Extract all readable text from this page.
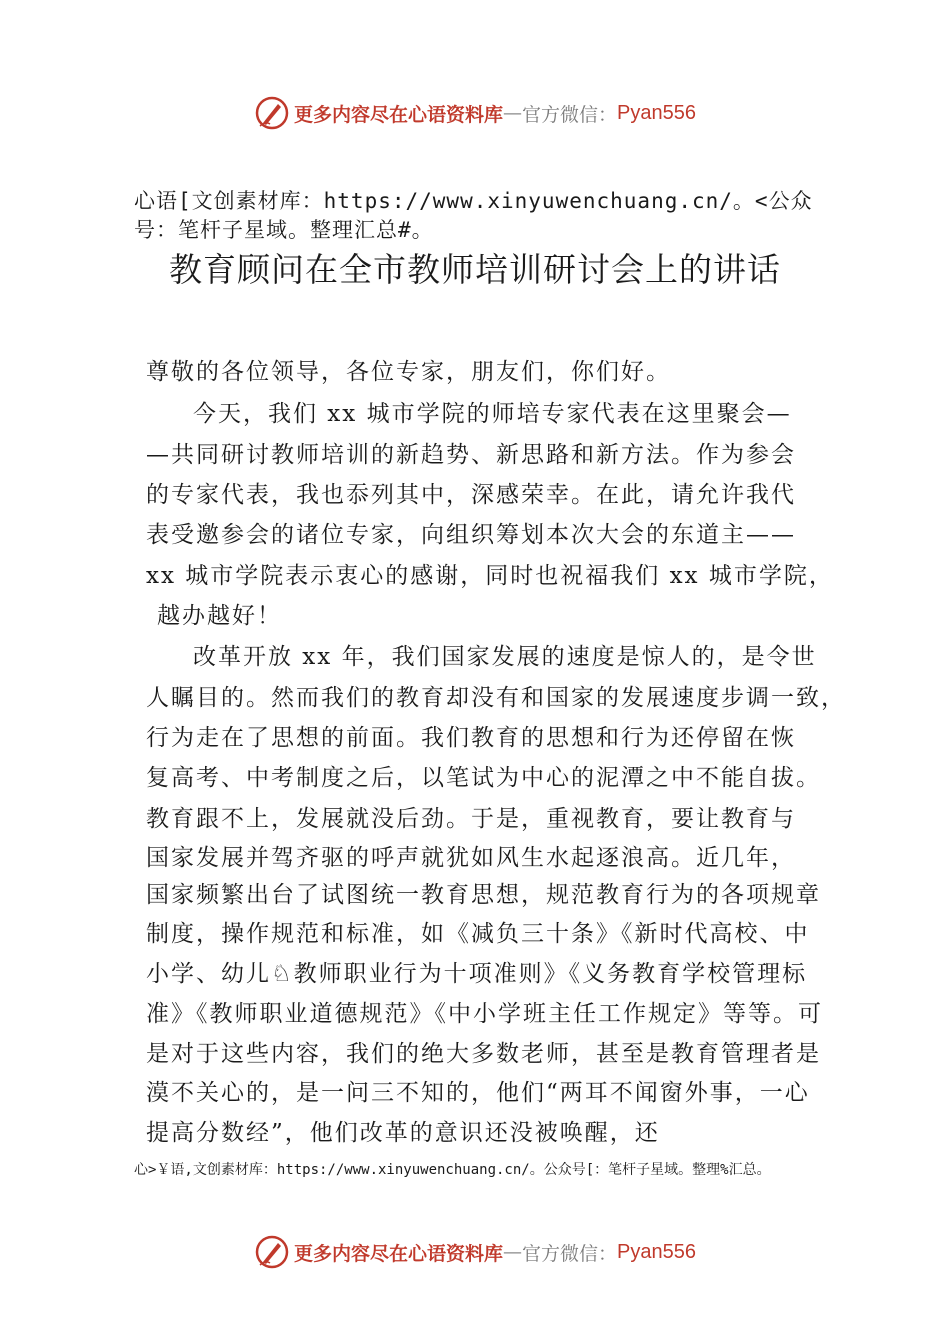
更多内容尽在心语资料库 — 官方微信： Pyan556
心语[文创素材库：https://www.xinyuwenchuang.cn/。<公众号：笔杆子星域。整理汇总#。
教育顾问在全市教师培训研讨会上的讲话
尊敬的各位领导，各位专家，朋友们，你们好。
今天，我们 xx 城市学院的师培专家代表在这里聚会—
—共同研讨教师培训的新趋势、新思路和新方法。作为参会
的专家代表，我也忝列其中，深感荣幸。在此，请允许我代
表受邀参会的诸位专家，向组织筹划本次大会的东道主——
xx 城市学院表示衷心的感谢，同时也祝福我们 xx 城市学院，
越办越好！
改革开放 xx 年，我们国家发展的速度是惊人的，是令世
人瞩目的。然而我们的教育却没有和国家的发展速度步调一致，
行为走在了思想的前面。我们教育的思想和行为还停留在恢
复高考、中考制度之后，以笔试为中心的泥潭之中不能自拔。
教育跟不上，发展就没后劲。于是，重视教育，要让教育与
国家发展并驾齐驱的呼声就犹如风生水起逐浪高。近几年，
国家频繁出台了试图统一教育思想，规范教育行为的各项规章
制度，操作规范和标准，如《减负三十条》《新时代高校、中
小学、幼儿♘教师职业行为十项准则》《义务教育学校管理标
准》《教师职业道德规范》《中小学班主任工作规定》等等。可
是对于这些内容，我们的绝大多数老师，甚至是教育管理者是
漠不关心的，是一问三不知的，他们“两耳不闻窗外事，一心
提高分数经”，他们改革的意识还没被唤醒，还
心>￥语,文创素材库：https://www.xinyuwenchuang.cn/。公众号[：笔杆子星域。整理%汇总。
更多内容尽在心语资料库 — 官方微信： Pyan556
